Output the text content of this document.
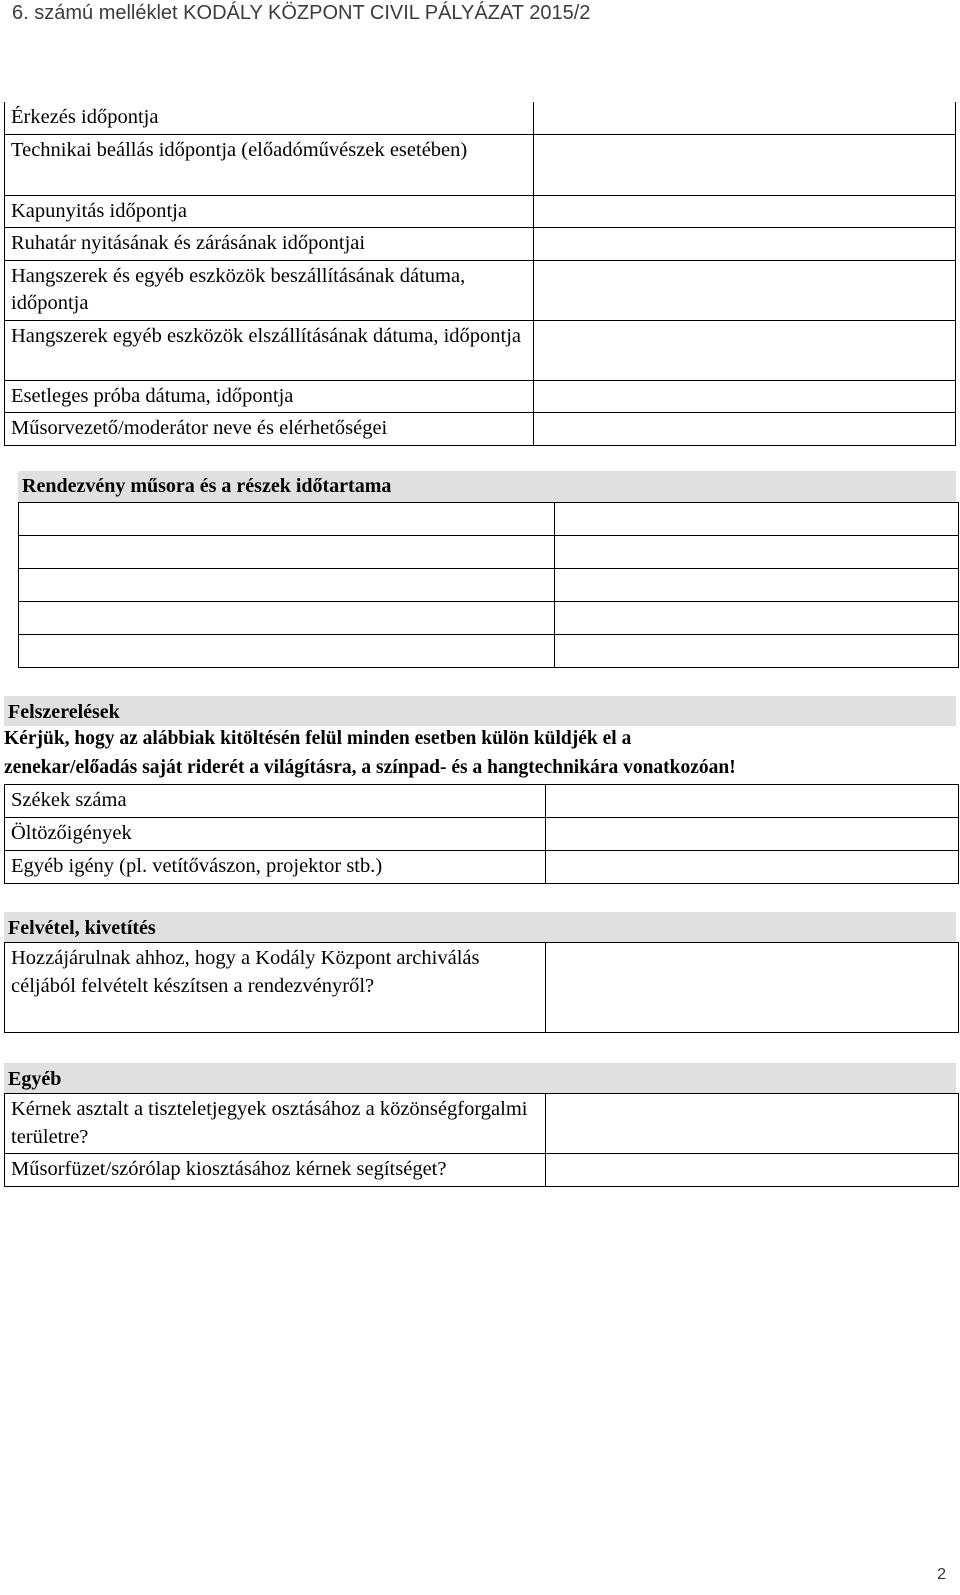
6. számú melléklet KODÁLY KÖZPONT CIVIL PÁLYÁZAT 2015/2
Érkezés időpontja	
Technikai beállás időpontja (előadóművészek esetében)	
Kapunyitás időpontja	
Ruhatár nyitásának és zárásának időpontjai	
Hangszerek és egyéb eszközök beszállításának dátuma, időpontja	
Hangszerek egyéb eszközök elszállításának dátuma, időpontja	
Esetleges próba dátuma, időpontja	
Műsorvezető/moderátor neve és elérhetőségei	
Rendezvény műsora és a részek időtartama

Felszerelések
Kérjük, hogy az alábbiak kitöltésén felül minden esetben külön küldjék el a
zenekar/előadás saját riderét a világításra, a színpad- és a hangtechnikára vonatkozóan!
Székek száma	
Öltözőigények	
Egyéb igény (pl. vetítővászon, projektor stb.)	
Felvétel, kivetítés
Hozzájárulnak ahhoz, hogy a Kodály Központ archiválás céljából felvételt készítsen a rendezvényről?	
Egyéb
Kérnek asztalt a tiszteletjegyek osztásához a közönségforgalmi területre?	
Műsorfüzet/szórólap kiosztásához kérnek segítséget?	
2
